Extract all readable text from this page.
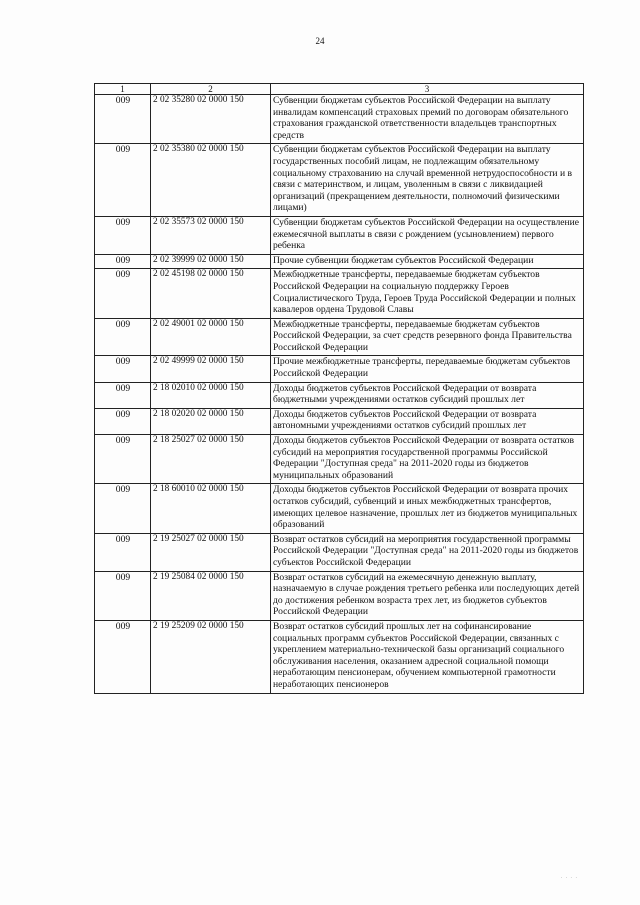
24
1	2	3
009	2 02 35280 02 0000 150	Субвенции бюджетам субъектов Российской Федерации на выплату инвалидам компенсаций страховых премий по договорам обязательного страхования гражданской ответственности владельцев транспортных средств
009	2 02 35380 02 0000 150	Субвенции бюджетам субъектов Российской Федерации на выплату государственных пособий лицам, не подлежащим обязательному социальному страхованию на случай временной нетрудоспособности и в связи с материнством, и лицам, уволенным в связи с ликвидацией организаций (прекращением деятельности, полномочий физическими лицами)
009	2 02 35573 02 0000 150	Субвенции бюджетам субъектов Российской Федерации на осуществление ежемесячной выплаты в связи с рождением (усыновлением) первого ребенка
009	2 02 39999 02 0000 150	Прочие субвенции бюджетам субъектов Российской Федерации
009	2 02 45198 02 0000 150	Межбюджетные трансферты, передаваемые бюджетам субъектов Российской Федерации на социальную поддержку Героев Социалистического Труда, Героев Труда Российской Федерации и полных кавалеров ордена Трудовой Славы
009	2 02 49001 02 0000 150	Межбюджетные трансферты, передаваемые бюджетам субъектов Российской Федерации, за счет средств резервного фонда Правительства Российской Федерации
009	2 02 49999 02 0000 150	Прочие межбюджетные трансферты, передаваемые бюджетам субъектов Российской Федерации
009	2 18 02010 02 0000 150	Доходы бюджетов субъектов Российской Федерации от возврата бюджетными учреждениями остатков субсидий прошлых лет
009	2 18 02020 02 0000 150	Доходы бюджетов субъектов Российской Федерации от возврата автономными учреждениями остатков субсидий прошлых лет
009	2 18 25027 02 0000 150	Доходы бюджетов субъектов Российской Федерации от возврата остатков субсидий на мероприятия государственной программы Российской Федерации "Доступная среда" на 2011-2020 годы из бюджетов муниципальных образований
009	2 18 60010 02 0000 150	Доходы бюджетов субъектов Российской Федерации от возврата прочих остатков субсидий, субвенций и иных межбюджетных трансфертов, имеющих целевое назначение, прошлых лет из бюджетов муниципальных образований
009	2 19 25027 02 0000 150	Возврат остатков субсидий на мероприятия государственной программы Российской Федерации "Доступная среда" на 2011-2020 годы из бюджетов субъектов Российской Федерации
009	2 19 25084 02 0000 150	Возврат остатков субсидий на ежемесячную денежную выплату, назначаемую в случае рождения третьего ребенка или последующих детей до достижения ребенком возраста трех лет, из бюджетов субъектов Российской Федерации
009	2 19 25209 02 0000 150	Возврат остатков субсидий прошлых лет на софинансирование социальных программ субъектов Российской Федерации, связанных с укреплением материально-технической базы организаций социального обслуживания населения, оказанием адресной социальной помощи неработающим пенсионерам, обучением компьютерной грамотности неработающих пенсионеров
· · · ·
